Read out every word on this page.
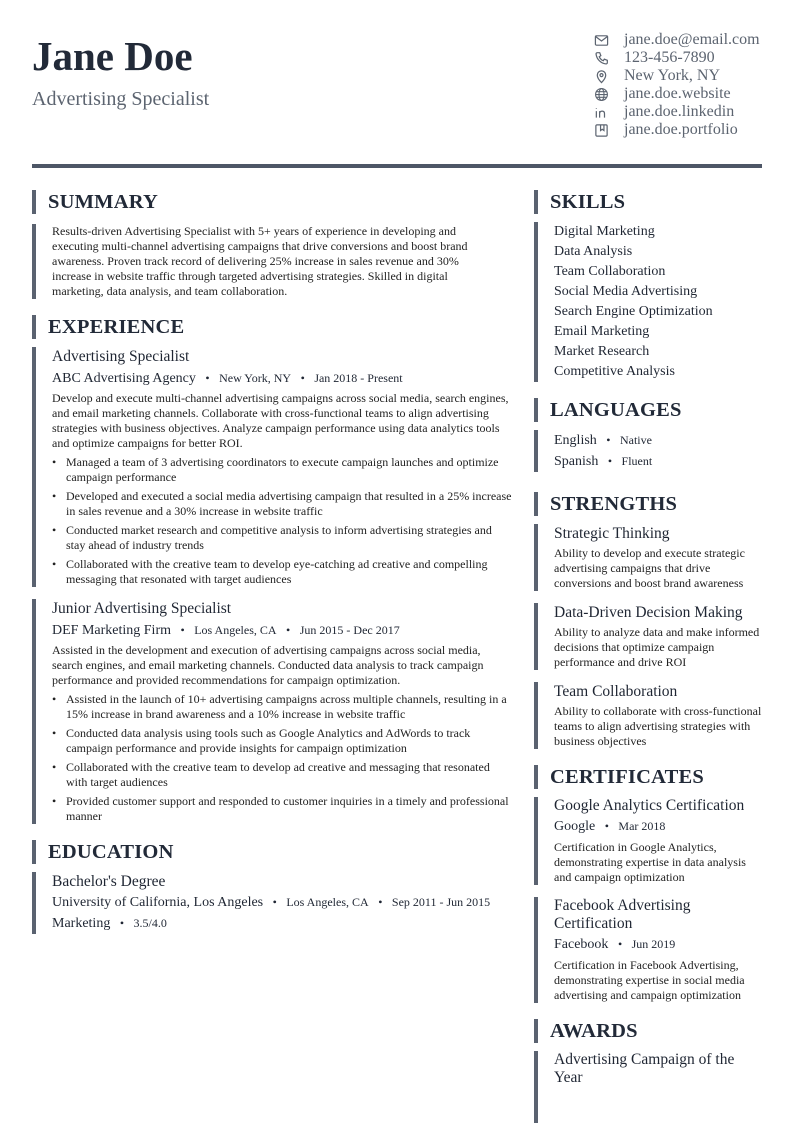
Jane Doe
Advertising Specialist
jane.doe@email.com
123-456-7890
New York, NY
jane.doe.website
jane.doe.linkedin
jane.doe.portfolio
SUMMARY
Results-driven Advertising Specialist with 5+ years of experience in developing and executing multi-channel advertising campaigns that drive conversions and boost brand awareness. Proven track record of delivering 25% increase in sales revenue and 30% increase in website traffic through targeted advertising strategies. Skilled in digital marketing, data analysis, and team collaboration.
EXPERIENCE
Advertising Specialist
ABC Advertising Agency • New York, NY • Jan 2018 - Present
Develop and execute multi-channel advertising campaigns across social media, search engines, and email marketing channels. Collaborate with cross-functional teams to align advertising strategies with business objectives. Analyze campaign performance using data analytics tools and optimize campaigns for better ROI.
• Managed a team of 3 advertising coordinators to execute campaign launches and optimize campaign performance
• Developed and executed a social media advertising campaign that resulted in a 25% increase in sales revenue and a 30% increase in website traffic
• Conducted market research and competitive analysis to inform advertising strategies and stay ahead of industry trends
• Collaborated with the creative team to develop eye-catching ad creative and compelling messaging that resonated with target audiences
Junior Advertising Specialist
DEF Marketing Firm • Los Angeles, CA • Jun 2015 - Dec 2017
Assisted in the development and execution of advertising campaigns across social media, search engines, and email marketing channels. Conducted data analysis to track campaign performance and provided recommendations for campaign optimization.
• Assisted in the launch of 10+ advertising campaigns across multiple channels, resulting in a 15% increase in brand awareness and a 10% increase in website traffic
• Conducted data analysis using tools such as Google Analytics and AdWords to track campaign performance and provide insights for campaign optimization
• Collaborated with the creative team to develop ad creative and messaging that resonated with target audiences
• Provided customer support and responded to customer inquiries in a timely and professional manner
EDUCATION
Bachelor's Degree
University of California, Los Angeles • Los Angeles, CA • Sep 2011 - Jun 2015
Marketing • 3.5/4.0
SKILLS
Digital Marketing
Data Analysis
Team Collaboration
Social Media Advertising
Search Engine Optimization
Email Marketing
Market Research
Competitive Analysis
LANGUAGES
English • Native
Spanish • Fluent
STRENGTHS
Strategic Thinking
Ability to develop and execute strategic advertising campaigns that drive conversions and boost brand awareness
Data-Driven Decision Making
Ability to analyze data and make informed decisions that optimize campaign performance and drive ROI
Team Collaboration
Ability to collaborate with cross-functional teams to align advertising strategies with business objectives
CERTIFICATES
Google Analytics Certification
Google • Mar 2018
Certification in Google Analytics, demonstrating expertise in data analysis and campaign optimization
Facebook Advertising Certification
Facebook • Jun 2019
Certification in Facebook Advertising, demonstrating expertise in social media advertising and campaign optimization
AWARDS
Advertising Campaign of the Year
